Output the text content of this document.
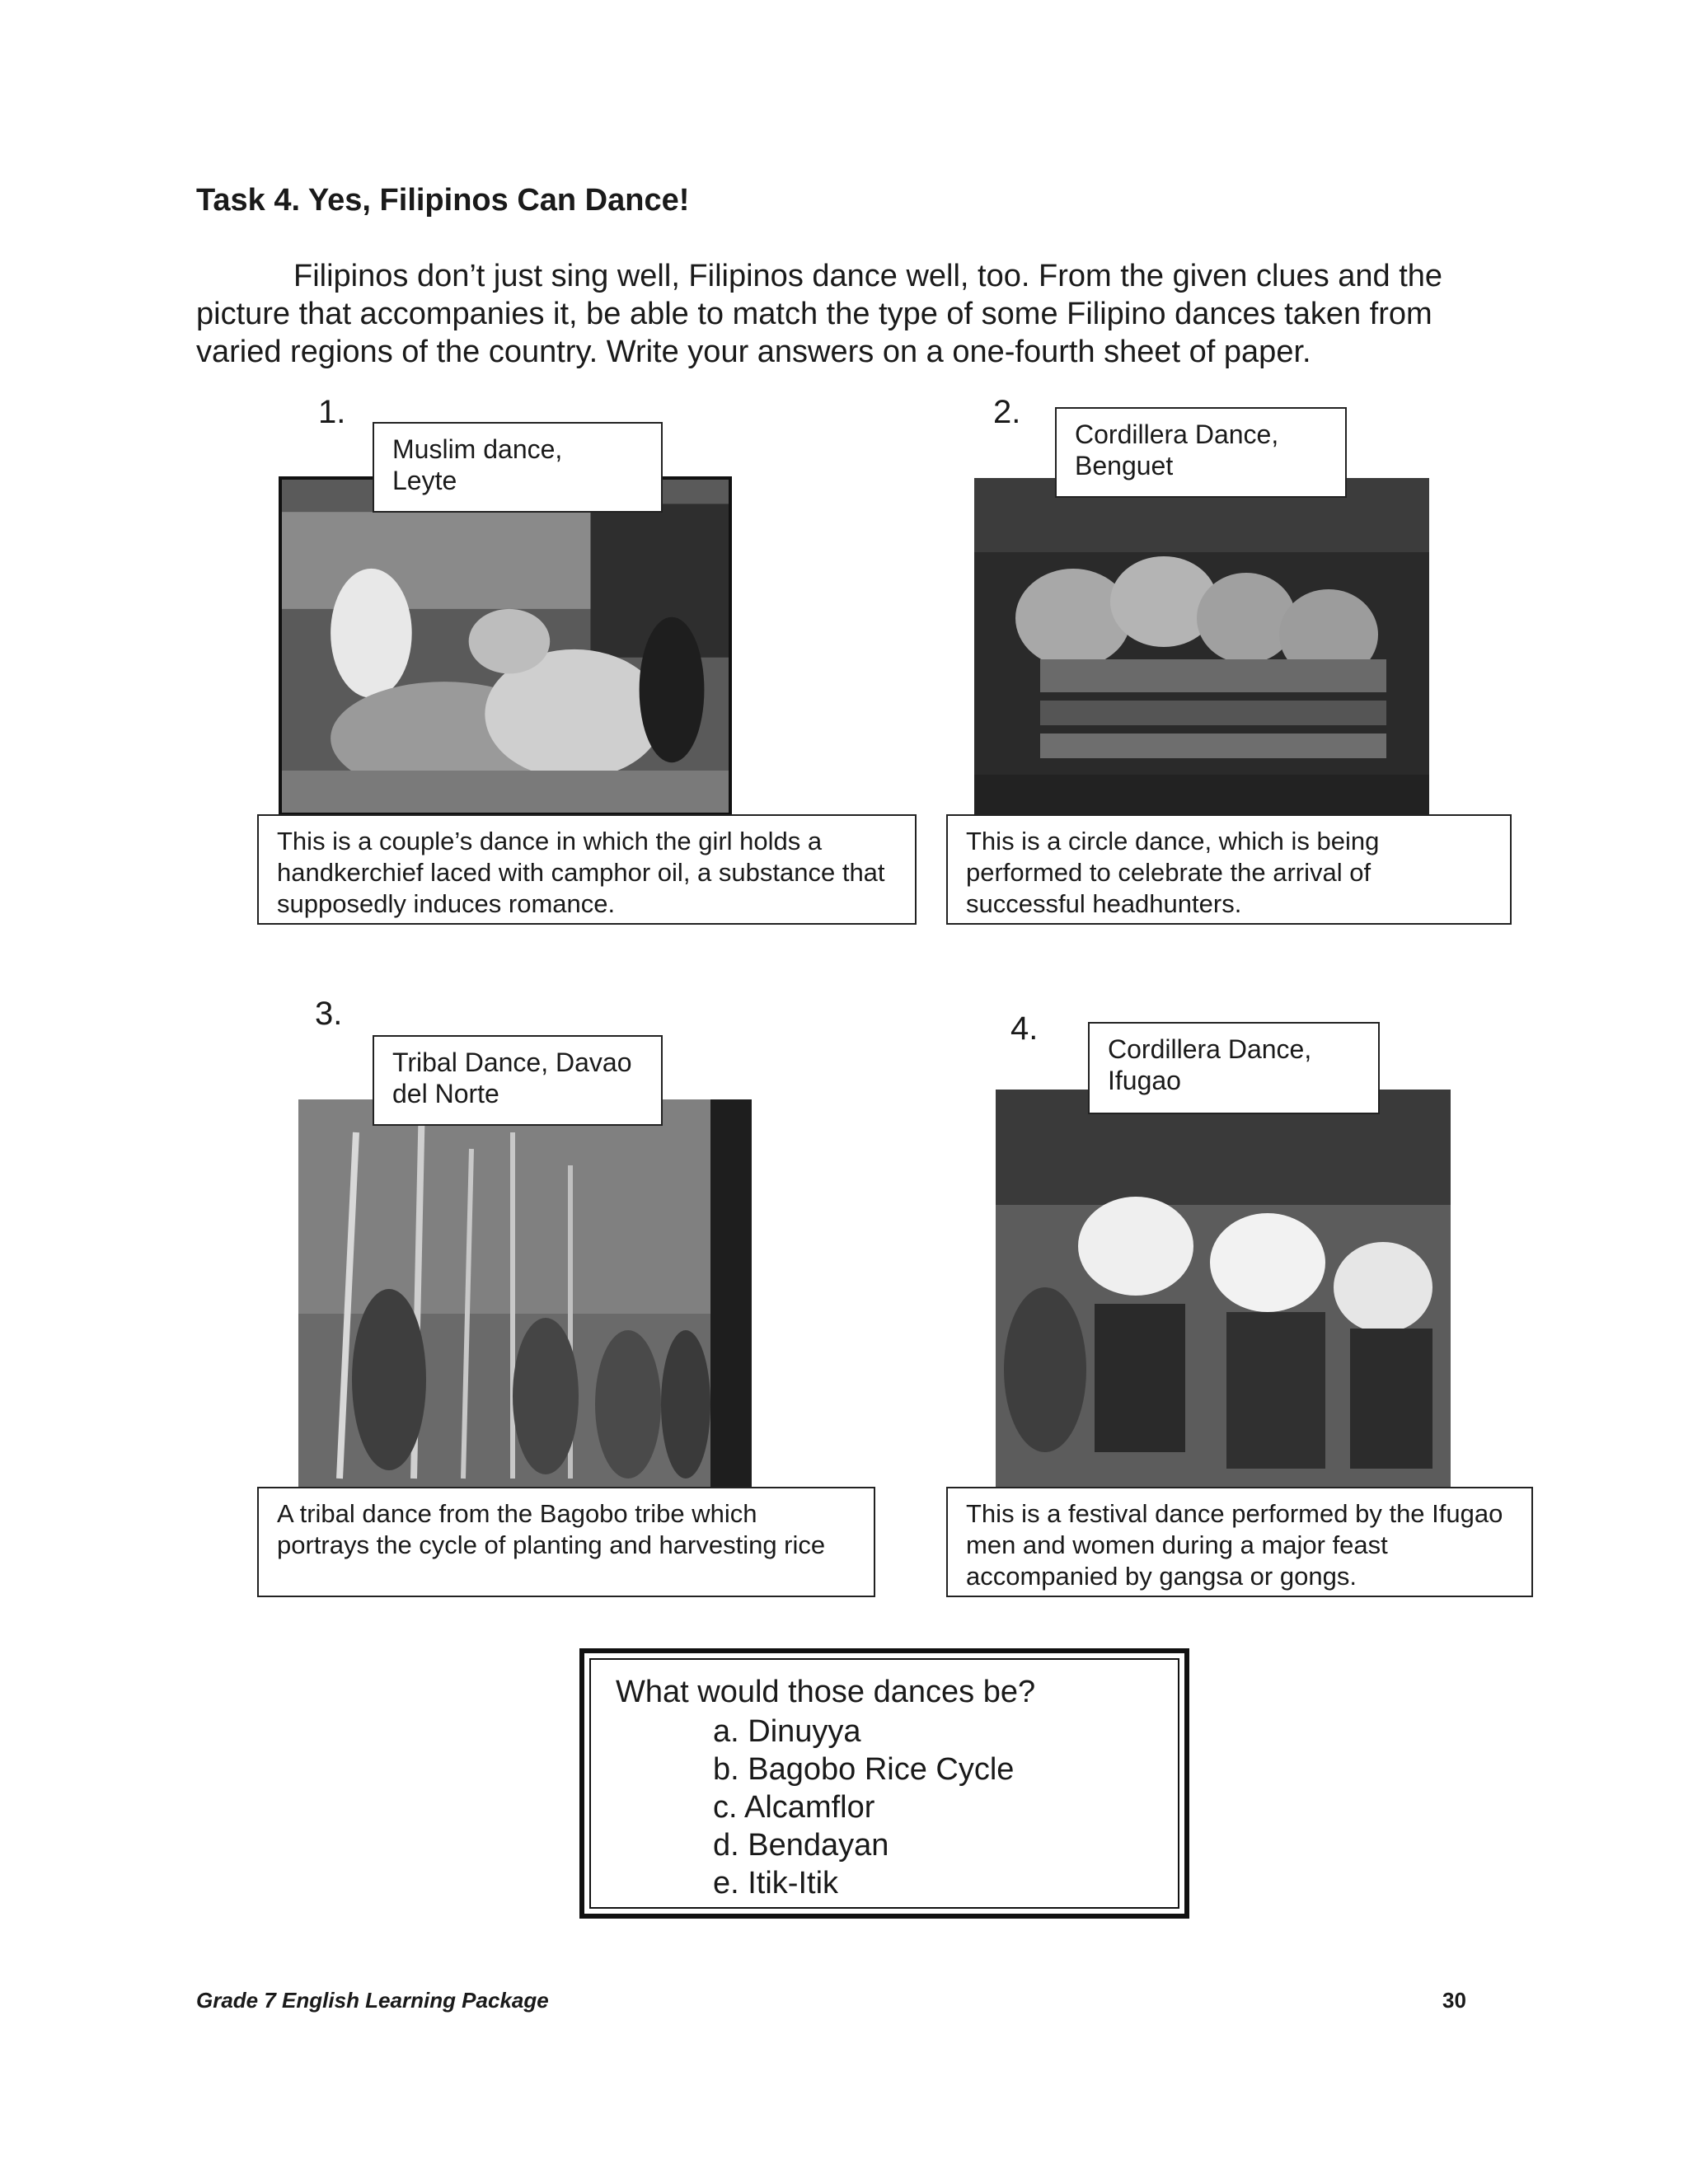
Task 4. Yes, Filipinos Can Dance!
Filipinos don’t just sing well, Filipinos dance well, too. From the given clues and the picture that accompanies it, be able to match the type of some Filipino dances taken from varied regions of the country. Write your answers on a one-fourth sheet of paper.
1.
Muslim dance,
Leyte
This is a couple’s dance in which the girl holds a handkerchief laced with camphor oil, a substance that supposedly induces romance.
2.
Cordillera Dance,
Benguet
This is a circle dance, which is being performed to celebrate the arrival of successful headhunters.
3.
Tribal Dance, Davao
del Norte
A tribal dance from the Bagobo tribe which portrays the cycle of planting and harvesting rice
4.
Cordillera Dance,
Ifugao
This is a festival dance performed by the Ifugao men and women during a major feast accompanied by gangsa or gongs.
What would those dances be?
a. Dinuyya
b. Bagobo Rice Cycle
c. Alcamflor
d. Bendayan
e. Itik-Itik
Grade 7 English Learning Package	30
